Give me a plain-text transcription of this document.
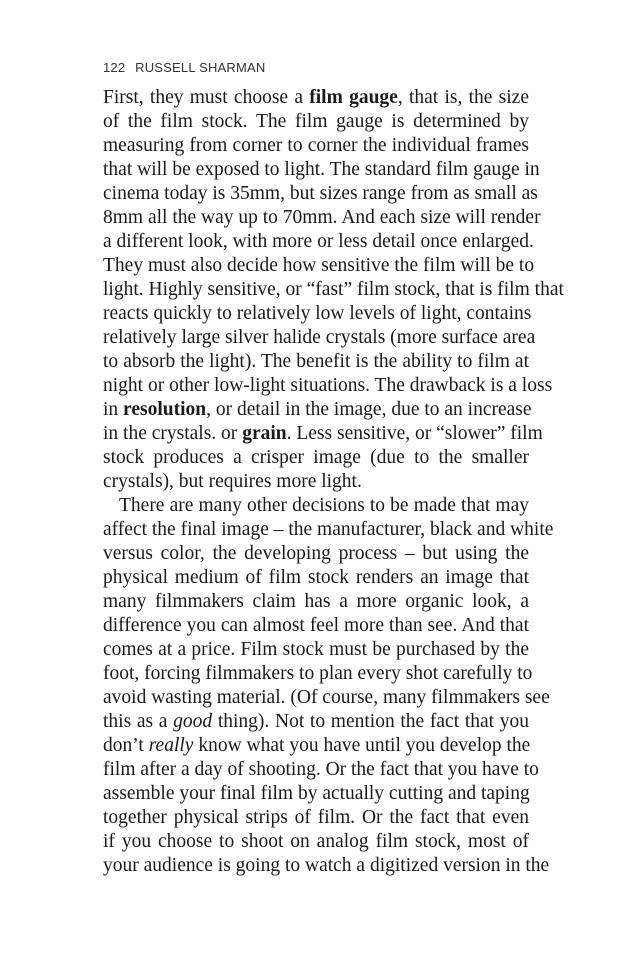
122 RUSSELL SHARMAN
First, they must choose a film gauge, that is, the size
of the film stock. The film gauge is determined by
measuring from corner to corner the individual frames
that will be exposed to light. The standard film gauge in
cinema today is 35mm, but sizes range from as small as
8mm all the way up to 70mm. And each size will render
a different look, with more or less detail once enlarged.
They must also decide how sensitive the film will be to
light. Highly sensitive, or “fast” film stock, that is film that
reacts quickly to relatively low levels of light, contains
relatively large silver halide crystals (more surface area
to absorb the light). The benefit is the ability to film at
night or other low-light situations. The drawback is a loss
in resolution, or detail in the image, due to an increase
in the crystals. or grain. Less sensitive, or “slower” film
stock produces a crisper image (due to the smaller
crystals), but requires more light.
There are many other decisions to be made that may
affect the final image – the manufacturer, black and white
versus color, the developing process – but using the
physical medium of film stock renders an image that
many filmmakers claim has a more organic look, a
difference you can almost feel more than see. And that
comes at a price. Film stock must be purchased by the
foot, forcing filmmakers to plan every shot carefully to
avoid wasting material. (Of course, many filmmakers see
this as a good thing). Not to mention the fact that you
don’t really know what you have until you develop the
film after a day of shooting. Or the fact that you have to
assemble your final film by actually cutting and taping
together physical strips of film. Or the fact that even
if you choose to shoot on analog film stock, most of
your audience is going to watch a digitized version in the
